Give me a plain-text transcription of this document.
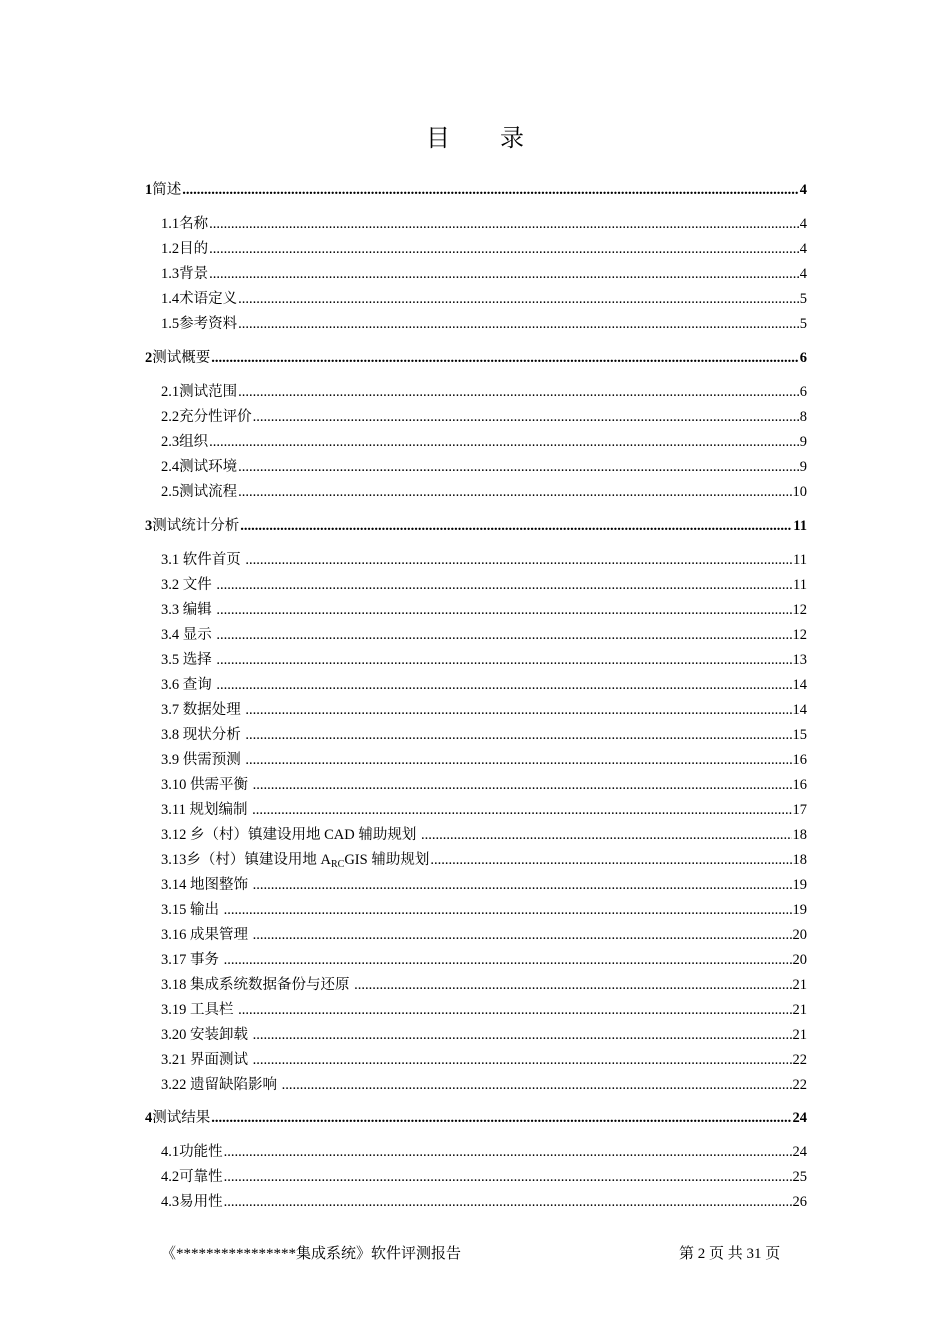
目 录
1 简述 .....	4
1.1 名称 .....	4
1.2 目的 .....	4
1.3 背景 .....	4
1.4 术语定义 .....	5
1.5 参考资料 .....	5
2 测试概要 .....	6
2.1 测试范围 .....	6
2.2 充分性评价 .....	8
2.3 组织 .....	9
2.4 测试环境 .....	9
2.5 测试流程 .....	10
3 测试统计分析 .....	11
3.1 软件首页 .....	11
3.2 文件 .....	11
3.3 编辑 .....	12
3.4 显示 .....	12
3.5 选择 .....	13
3.6 查询 .....	14
3.7 数据处理 .....	14
3.8 现状分析 .....	15
3.9 供需预测 .....	16
3.10 供需平衡 .....	16
3.11 规划编制 .....	17
3.12 乡（村）镇建设用地 CAD 辅助规划 .....	18
3.13 乡（村）镇建设用地 $A_{RC}GIS$ 辅助规划 .....	18
3.14 地图整饰 .....	19
3.15 输出 .....	19
3.16 成果管理 .....	20
3.17 事务 .....	20
3.18 集成系统数据备份与还原 .....	21
3.19 工具栏 .....	21
3.20 安装卸载 .....	21
3.21 界面测试 .....	22
3.22 遗留缺陷影响 .....	22
4 测试结果 .....	24
4.1 功能性 .....	24
4.2 可靠性 .....	25
4.3 易用性 .....	26
《****************集成系统》软件评测报告	第 2 页 共 31 页
